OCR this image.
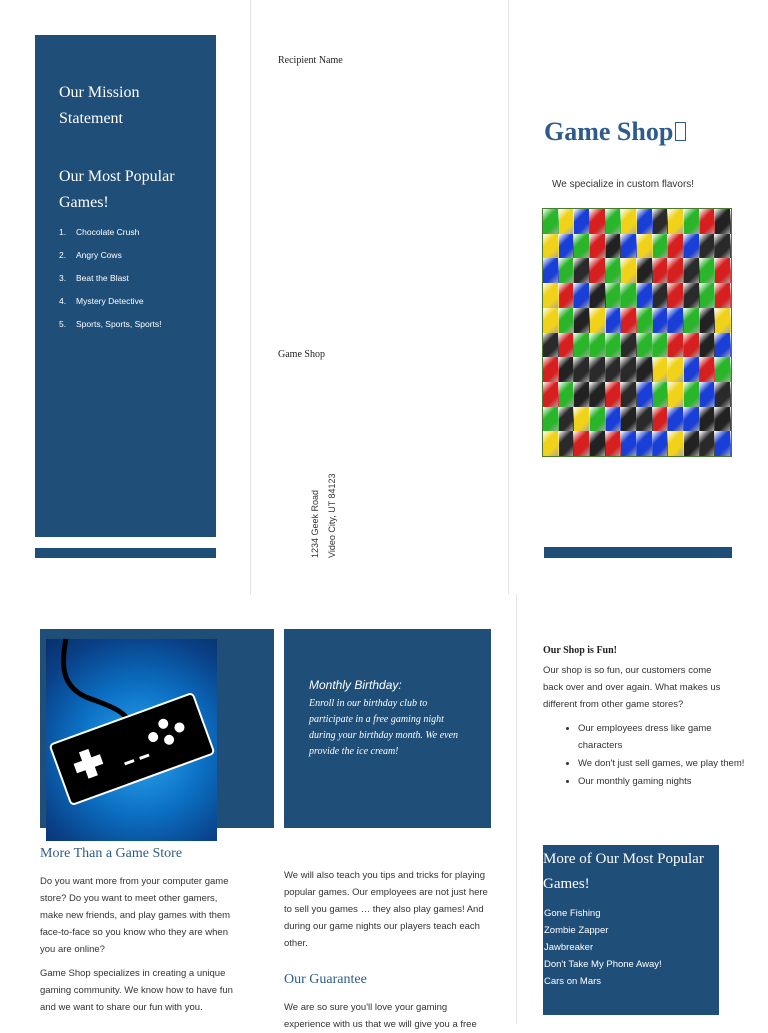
Our Mission Statement
Our Most Popular Games!
1. Chocolate Crush
2. Angry Cows
3. Beat the Blast
4. Mystery Detective
5. Sports, Sports, Sports!
Recipient Name
Game Shop
1234 Geek Road Video City, UT 84123
Game Shop
We specialize in custom flavors!
More Than a Game Store
Do you want more from your computer game store? Do you want to meet other gamers, make new friends, and play games with them face-to-face so you know who they are when you are online?
Game Shop specializes in creating a unique gaming community. We know how to have fun and we want to share our fun with you.
Monthly Birthday:
Enroll in our birthday club to participate in a free gaming night during your birthday month. We even provide the ice cream!
We will also teach you tips and tricks for playing popular games. Our employees are not just here to sell you games … they also play games! And during our game nights our players teach each other.
Our Guarantee
We are so sure you'll love your gaming experience with us that we will give you a free
Our Shop is Fun!
Our shop is so fun, our customers come back over and over again. What makes us different from other game stores?
• Our employees dress like game characters
• We don't just sell games, we play them!
• Our monthly gaming nights
More of Our Most Popular Games!
Gone Fishing
Zombie Zapper
Jawbreaker
Don't Take My Phone Away!
Cars on Mars
